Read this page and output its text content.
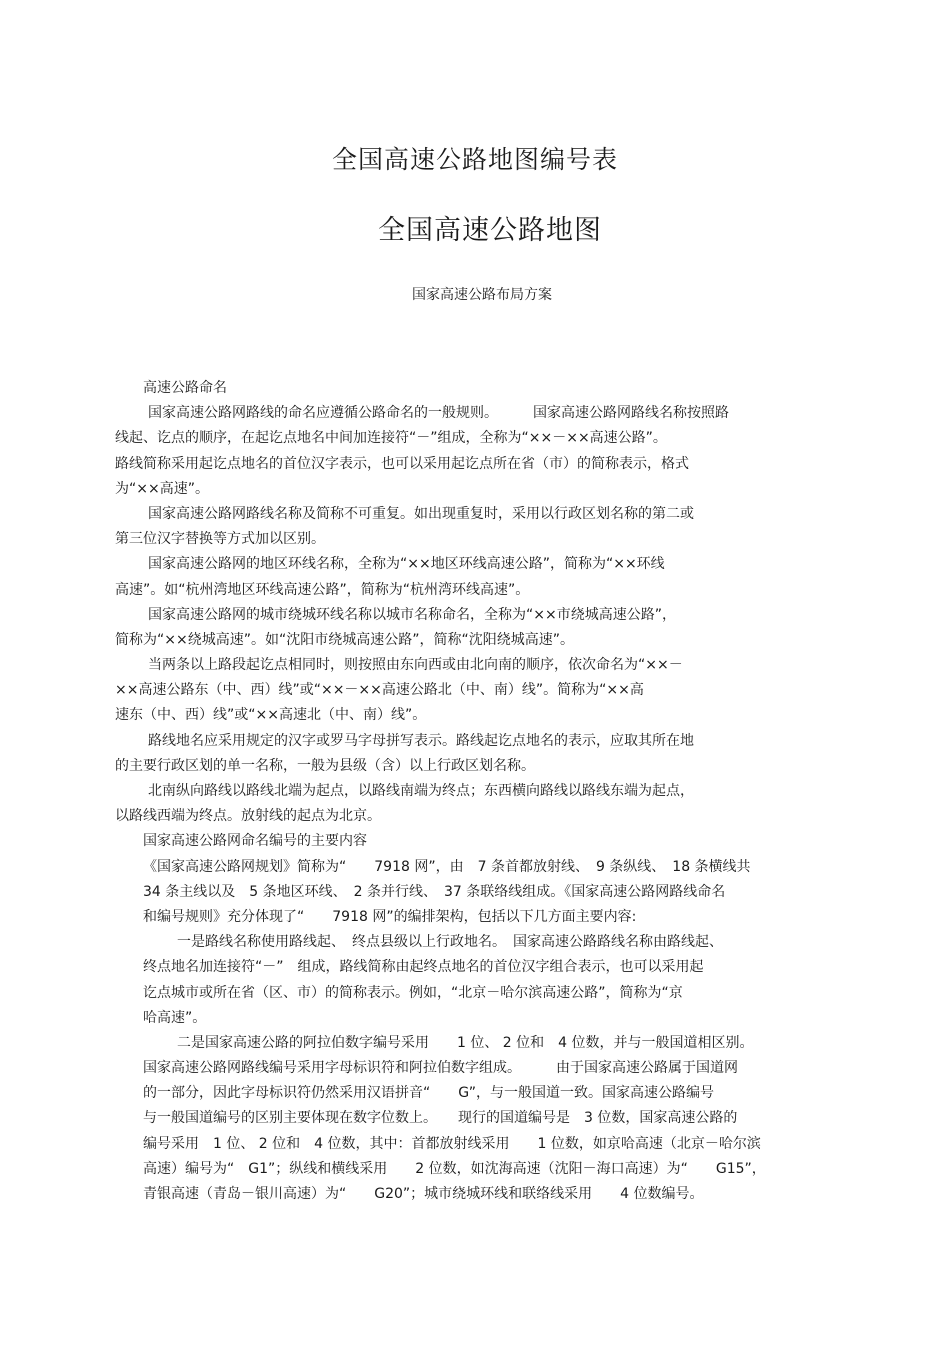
全国高速公路地图编号表
全国高速公路地图
国家高速公路布局方案
高速公路命名
国家高速公路网路线的命名应遵循公路命名的一般规则。　　　国家高速公路网路线名称按照路
线起、讫点的顺序，在起讫点地名中间加连接符“－”组成，全称为“××－××高速公路”。
路线简称采用起讫点地名的首位汉字表示，也可以采用起讫点所在省（市）的简称表示，格式
为“××高速”。
国家高速公路网路线名称及简称不可重复。如出现重复时，采用以行政区划名称的第二或
第三位汉字替换等方式加以区别。
国家高速公路网的地区环线名称，全称为“××地区环线高速公路”，简称为“××环线
高速”。如“杭州湾地区环线高速公路”，简称为“杭州湾环线高速”。
国家高速公路网的城市绕城环线名称以城市名称命名，全称为“××市绕城高速公路”，
简称为“××绕城高速”。如“沈阳市绕城高速公路”，简称“沈阳绕城高速”。
当两条以上路段起讫点相同时，则按照由东向西或由北向南的顺序，依次命名为“××－
××高速公路东（中、西）线”或“××－××高速公路北（中、南）线”。简称为“××高
速东（中、西）线”或“××高速北（中、南）线”。
路线地名应采用规定的汉字或罗马字母拼写表示。路线起讫点地名的表示，应取其所在地
的主要行政区划的单一名称，一般为县级（含）以上行政区划名称。
北南纵向路线以路线北端为起点，以路线南端为终点；东西横向路线以路线东端为起点，
以路线西端为终点。放射线的起点为北京。
国家高速公路网命名编号的主要内容
《国家高速公路网规划》简称为“　　7918 网”，由　7 条首都放射线、　9 条纵线、　18 条横线共
34 条主线以及　5 条地区环线、　2 条并行线、　37 条联络线组成。《国家高速公路网路线命名
和编号规则》充分体现了“　　7918 网”的编排架构，包括以下几方面主要内容:
一是路线名称使用路线起、　终点县级以上行政地名。　国家高速公路路线名称由路线起、
终点地名加连接符“－”　组成，路线简称由起终点地名的首位汉字组合表示，也可以采用起
讫点城市或所在省（区、市）的简称表示。例如，“北京－哈尔滨高速公路”，简称为“京
哈高速”。
二是国家高速公路的阿拉伯数字编号采用　　1 位、 2 位和　4 位数，并与一般国道相区别。
国家高速公路网路线编号采用字母标识符和阿拉伯数字组成。　　　由于国家高速公路属于国道网
的一部分，因此字母标识符仍然采用汉语拼音“　　G”，与一般国道一致。国家高速公路编号
与一般国道编号的区别主要体现在数字位数上。　　现行的国道编号是　3 位数，国家高速公路的
编号采用　1 位、 2 位和　4 位数，其中：首都放射线采用　　1 位数，如京哈高速（北京－哈尔滨
高速）编号为“　G1”；纵线和横线采用　　2 位数，如沈海高速（沈阳－海口高速）为“　　G15”，
青银高速（青岛－银川高速）为“　　G20”；城市绕城环线和联络线采用　　4 位数编号。
